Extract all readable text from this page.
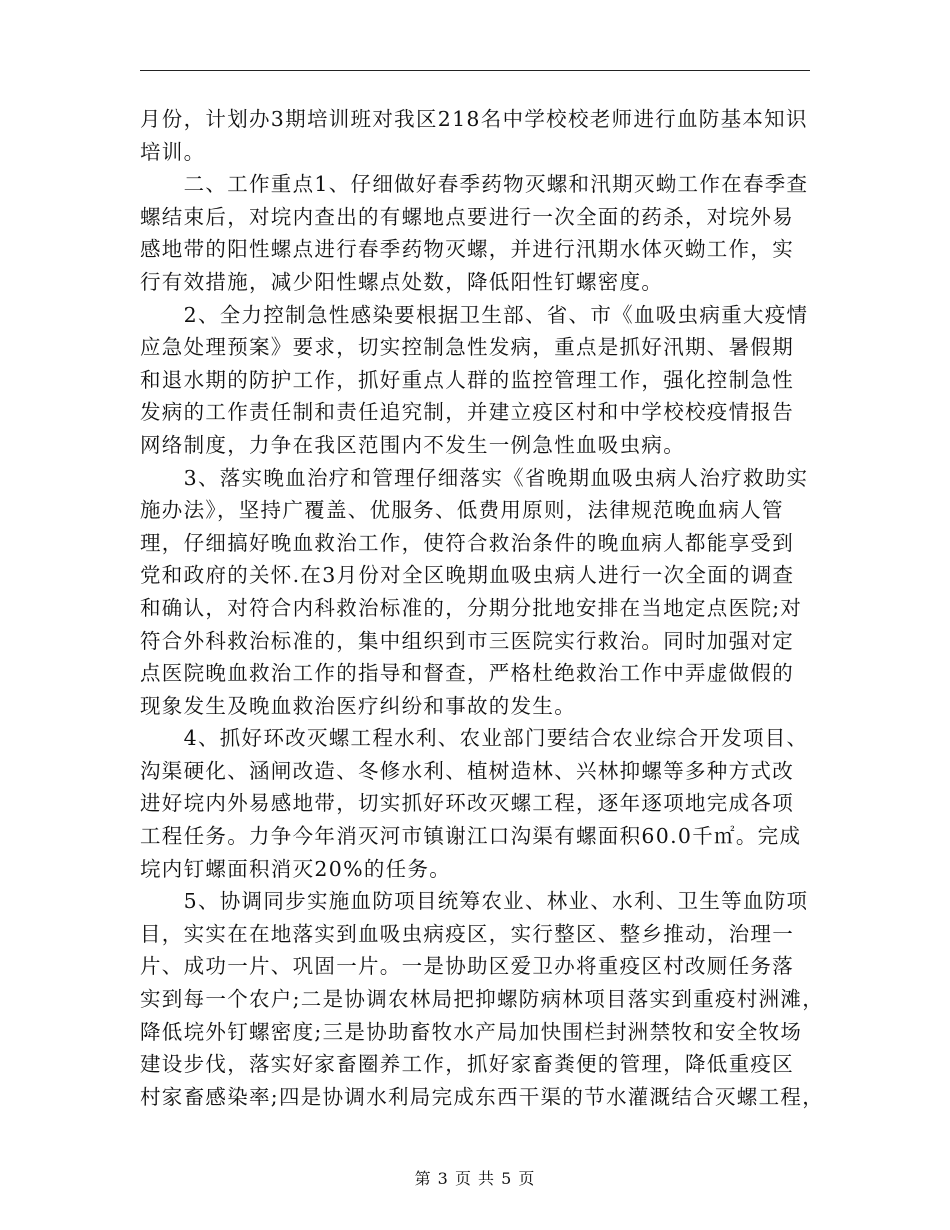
月份，计划办3期培训班对我区218名中学校校老师进行血防基本知识
培训。
　　二、工作重点1、仔细做好春季药物灭螺和汛期灭蚴工作在春季查
螺结束后，对垸内查出的有螺地点要进行一次全面的药杀，对垸外易
感地带的阳性螺点进行春季药物灭螺，并进行汛期水体灭蚴工作，实
行有效措施，减少阳性螺点处数，降低阳性钉螺密度。
　　2、全力控制急性感染要根据卫生部、省、市《血吸虫病重大疫情
应急处理预案》要求，切实控制急性发病，重点是抓好汛期、暑假期
和退水期的防护工作，抓好重点人群的监控管理工作，强化控制急性
发病的工作责任制和责任追究制，并建立疫区村和中学校校疫情报告
网络制度，力争在我区范围内不发生一例急性血吸虫病。
　　3、落实晚血治疗和管理仔细落实《省晚期血吸虫病人治疗救助实
施办法》，坚持广覆盖、优服务、低费用原则，法律规范晚血病人管
理，仔细搞好晚血救治工作，使符合救治条件的晚血病人都能享受到
党和政府的关怀.在3月份对全区晚期血吸虫病人进行一次全面的调查
和确认，对符合内科救治标准的，分期分批地安排在当地定点医院;对
符合外科救治标准的，集中组织到市三医院实行救治。同时加强对定
点医院晚血救治工作的指导和督查，严格杜绝救治工作中弄虚做假的
现象发生及晚血救治医疗纠纷和事故的发生。
　　4、抓好环改灭螺工程水利、农业部门要结合农业综合开发项目、
沟渠硬化、涵闸改造、冬修水利、植树造林、兴林抑螺等多种方式改
进好垸内外易感地带，切实抓好环改灭螺工程，逐年逐项地完成各项
工程任务。力争今年消灭河市镇谢江口沟渠有螺面积60.0千㎡。完成
垸内钉螺面积消灭20%的任务。
　　5、协调同步实施血防项目统筹农业、林业、水利、卫生等血防项
目，实实在在地落实到血吸虫病疫区，实行整区、整乡推动，治理一
片、成功一片、巩固一片。一是协助区爱卫办将重疫区村改厕任务落
实到每一个农户;二是协调农林局把抑螺防病林项目落实到重疫村洲滩，
降低垸外钉螺密度;三是协助畜牧水产局加快围栏封洲禁牧和安全牧场
建设步伐，落实好家畜圈养工作，抓好家畜粪便的管理，降低重疫区
村家畜感染率;四是协调水利局完成东西干渠的节水灌溉结合灭螺工程，
第 3 页 共 5 页
